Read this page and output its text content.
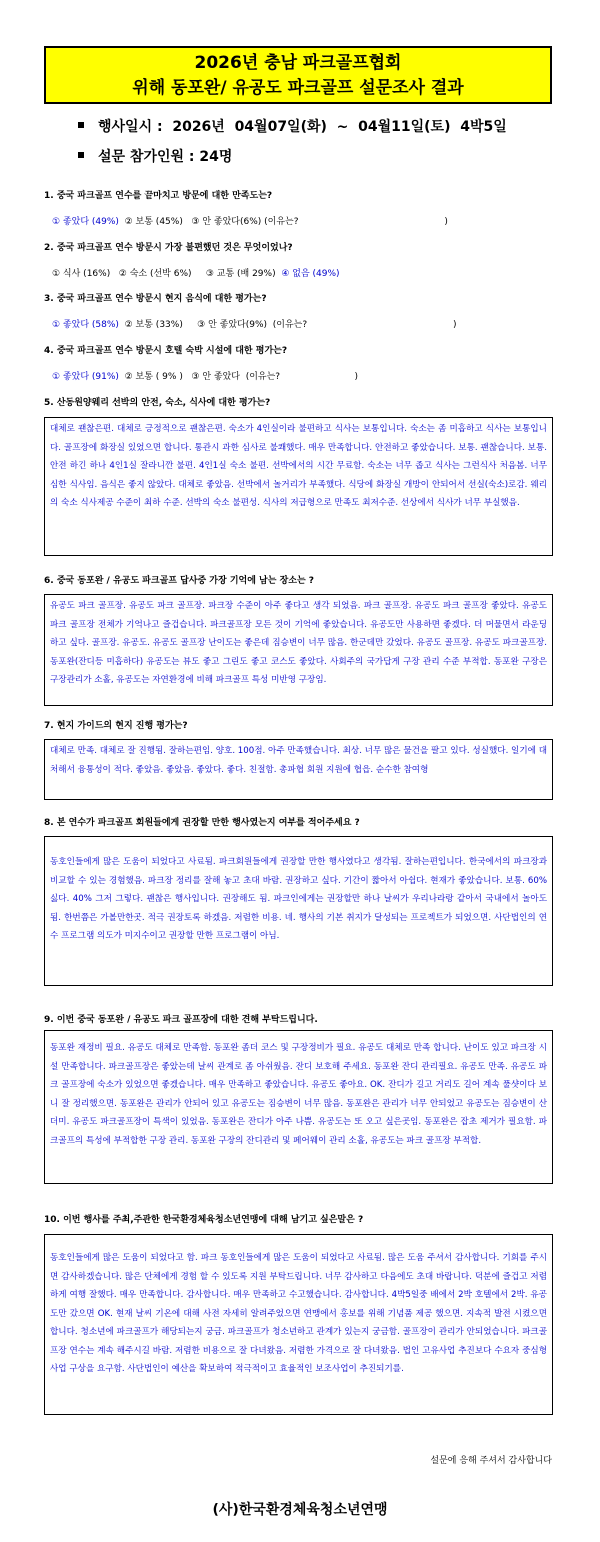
2026년 충남 파크골프협회
위해 동포완/ 유공도 파크골프 설문조사 결과
행사일시 :  2026년  04월07일(화)  ~  04월11일(토)  4박5일
설문 참가인원 : 24명
1. 중국 파크골프 연수를 끝마치고 방문에 대한 만족도는?
① 좋았다 (49%)  ② 보통 (45%)   ③ 안 좋았다(6%) (이유는?                                                   )
2. 중국 파크골프 연수 방문시 가장 불편했던 것은 무엇이었나?
① 식사 (16%)   ② 숙소 (선박 6%)     ③ 교통 (배 29%)  ④ 없음 (49%)
3. 중국 파크골프 연수 방문시 현지 음식에 대한 평가는?
① 좋았다 (58%)  ② 보통 (33%)     ③ 안 좋았다(9%)  (이유는?                                                   )
4. 중국 파크골프 연수 방문시 호텔 숙박 시설에 대한 평가는?
① 좋았다 (91%)  ② 보통 ( 9% )   ③ 안 좋았다  (이유는?                          )
5. 산동원양웨리 선박의 안전, 숙소, 식사에 대한 평가는?
대체로 괜찮은편. 대체로 긍정적으로 괜찮은편. 숙소가 4인실이라 불편하고 식사는 보통입니다. 숙소는 좀 미흡하고 식사는 보통입니다. 골프장에 화장실 있었으면 합니다. 통관시 과한 심사로 불쾌했다. 매우 만족합니다. 안전하고 좋았습니다. 보통. 괜찮습니다. 보통. 안전 하긴 하나 4인1실 잘라니깐 불편. 4인1실 숙소 불편. 선박에서의 시간 무료함. 숙소는 너무 좁고 식사는 그런식사 처음봄. 너무 심한 식사임. 음식은 좋지 않았다. 대체로 좋았음. 선박에서 놀거리가 부족했다. 식당에 화장실 개방이 안되어서 선실(숙소)로감. 웨리의 숙소 식사제공 수준이 최하 수준. 선박의 숙소 불편성. 식사의 저급형으로 만족도 최저수준. 선상에서 식사가 너무 부실했음.
6. 중국 동포완 / 유공도 파크골프 답사중 가장 기억에 남는 장소는 ?
유공도 파크 골프장. 유공도 파크 골프장. 파크장 수준이 아주 좋다고 생각 되었음. 파크 골프장. 유공도 파크 골프장 좋았다. 유공도 파크 골프장 전체가 기억나고 즐겁습니다. 파크골프장 모든 것이 기억에 좋았습니다. 유공도만 사용하면 좋겠다. 더 머물면서 라운딩 하고 싶다. 골프장. 유공도. 유공도 골프장 난이도는 좋은데 짐승변이 너무 많음. 한군데만 갔었다. 유공도 골프장. 유공도 파크골프장. 동포완(잔디등 미흡하다) 유공도는 뷰도 좋고 그린도 좋고 코스도 좋았다. 사회주의 국가답게 구장 관리 수준 부적합. 동포완 구장은 구장관리가 소홀, 유공도는 자연환경에 비해 파크골프 특성 미반영 구장임.
7. 현지 가이드의 현지 진행 평가는?
대체로 만족. 대체로 잘 진행됨. 잘하는편임. 양호. 100점. 아주 만족했습니다. 최상. 너무 많은 물건을 팔고 있다. 성실했다. 일기에 대처해서 융통성이 적다. 좋았음. 좋았음. 좋았다. 좋다. 친절함. 총파협 회원 지원에 협읍. 순수한 참여형
8. 본 연수가 파크골프 회원들에게 권장할 만한 행사였는지 여부를 적어주세요 ?
동호인들에게 많은 도움이 되었다고 사료됨. 파크회원들에게 권장할 만한 행사였다고 생각됨. 잘하는편입니다. 한국에서의 파크장과 비교할 수 있는 경험했음. 파크장 정리를 잘해 놓고 초대 바람. 권장하고 싶다. 기간이 짧아서 아쉽다. 현재가 좋았습니다. 보통. 60% 싫다. 40% 그저 그렇다. 괜찮은 행사입니다. 권장해도 됨. 파크인에게는 권장할만 하나 날씨가 우리나라랑 같아서 국내에서 놀아도됨. 한번쯤은 가볼만한곳. 적극 권장토록 하겠음. 저렴한 비용. 네. 행사의 기본 취지가 달성되는 프로젝트가 되었으면. 사단법인의 연수 프로그램 의도가 미지수이고 권장할 만한 프로그램이 아님.
9. 이번 중국 동포완 / 유공도 파크 골프장에 대한 견해 부탁드립니다.
동포완 재정비 필요. 유공도 대체로 만족함. 동포완 좀더 코스 및 구장정비가 필요. 유공도 대체로 만족 합니다. 난이도 있고 파크장 시설 만족합니다. 파크골프장은 좋았는데 날씨 관계로 좀 아쉬웠음. 잔디 보호해 주세요. 동포완 잔디 관리필요. 유공도 만족. 유공도 파크 골프장에 숙소가 있었으면 좋겠습니다. 매우 만족하고 좋았습니다. 유공도 좋아요. OK. 잔디가 길고 거리도 길어 계속 풀샷이다 보니 잘 정리했으면. 동포완은 관리가 안되어 있고 유공도는 짐승변이 너무 많음. 동포완은 관리가 너무 안되었고 유공도는 짐승변이 산더미. 유공도 파크골프장이 특색이 있었음. 동포완은 잔디가 아주 나쁨. 유공도는 또 오고 싶은곳임. 동포완은 잡초 제거가 필요함. 파크골프의 특성에 부적합한 구장 관리. 동포완 구장의 잔디관리 및 페어웨이 관리 소홀, 유공도는 파크 골프장 부적합.
10. 이번 행사를 주최,주관한 한국환경체육청소년연맹에 대해 남기고 싶은말은 ?
동호인들에게 많은 도움이 되었다고 함. 파크 동호인들에게 많은 도움이 되었다고 사료됨. 많은 도움 주셔서 감사합니다. 기회를 주시면 감사하겠습니다. 많은 단체에게 경험 할 수 있도록 지원 부탁드립니다. 너무 감사하고 다음에도 초대 바랍니다. 덕분에 즐겁고 저렴하게 여행 잘했다. 매우 만족합니다. 감사합니다. 매우 만족하고 수고했습니다. 감사합니다. 4박5일중 배에서 2박 호텔에서 2박. 유공도만 갔으면 OK. 현재 날씨 기온에 대해 사전 자세히 알려주었으면 연맹에서 홍보를 위해 기념품 제공 했으면. 지속적 발전 시켰으면 합니다. 청소년에 파크골프가 해당되는지 궁금. 파크골프가 청소년하고 관계가 있는지 궁금함. 골프장이 관리가 안되었습니다. 파크골프장 연수는 계속 해주시길 바람. 저렴한 비용으로 잘 다녀왔음. 저렴한 가격으로 잘 다녀왔음. 법인 고유사업 추진보다 수요자 중심형 사업 구상을 요구함. 사단법인이 예산을 확보하여 적극적이고 효율적인 보조사업이 추진되기를.
설문에 응해 주셔서 감사합니다
(사)한국환경체육청소년연맹
